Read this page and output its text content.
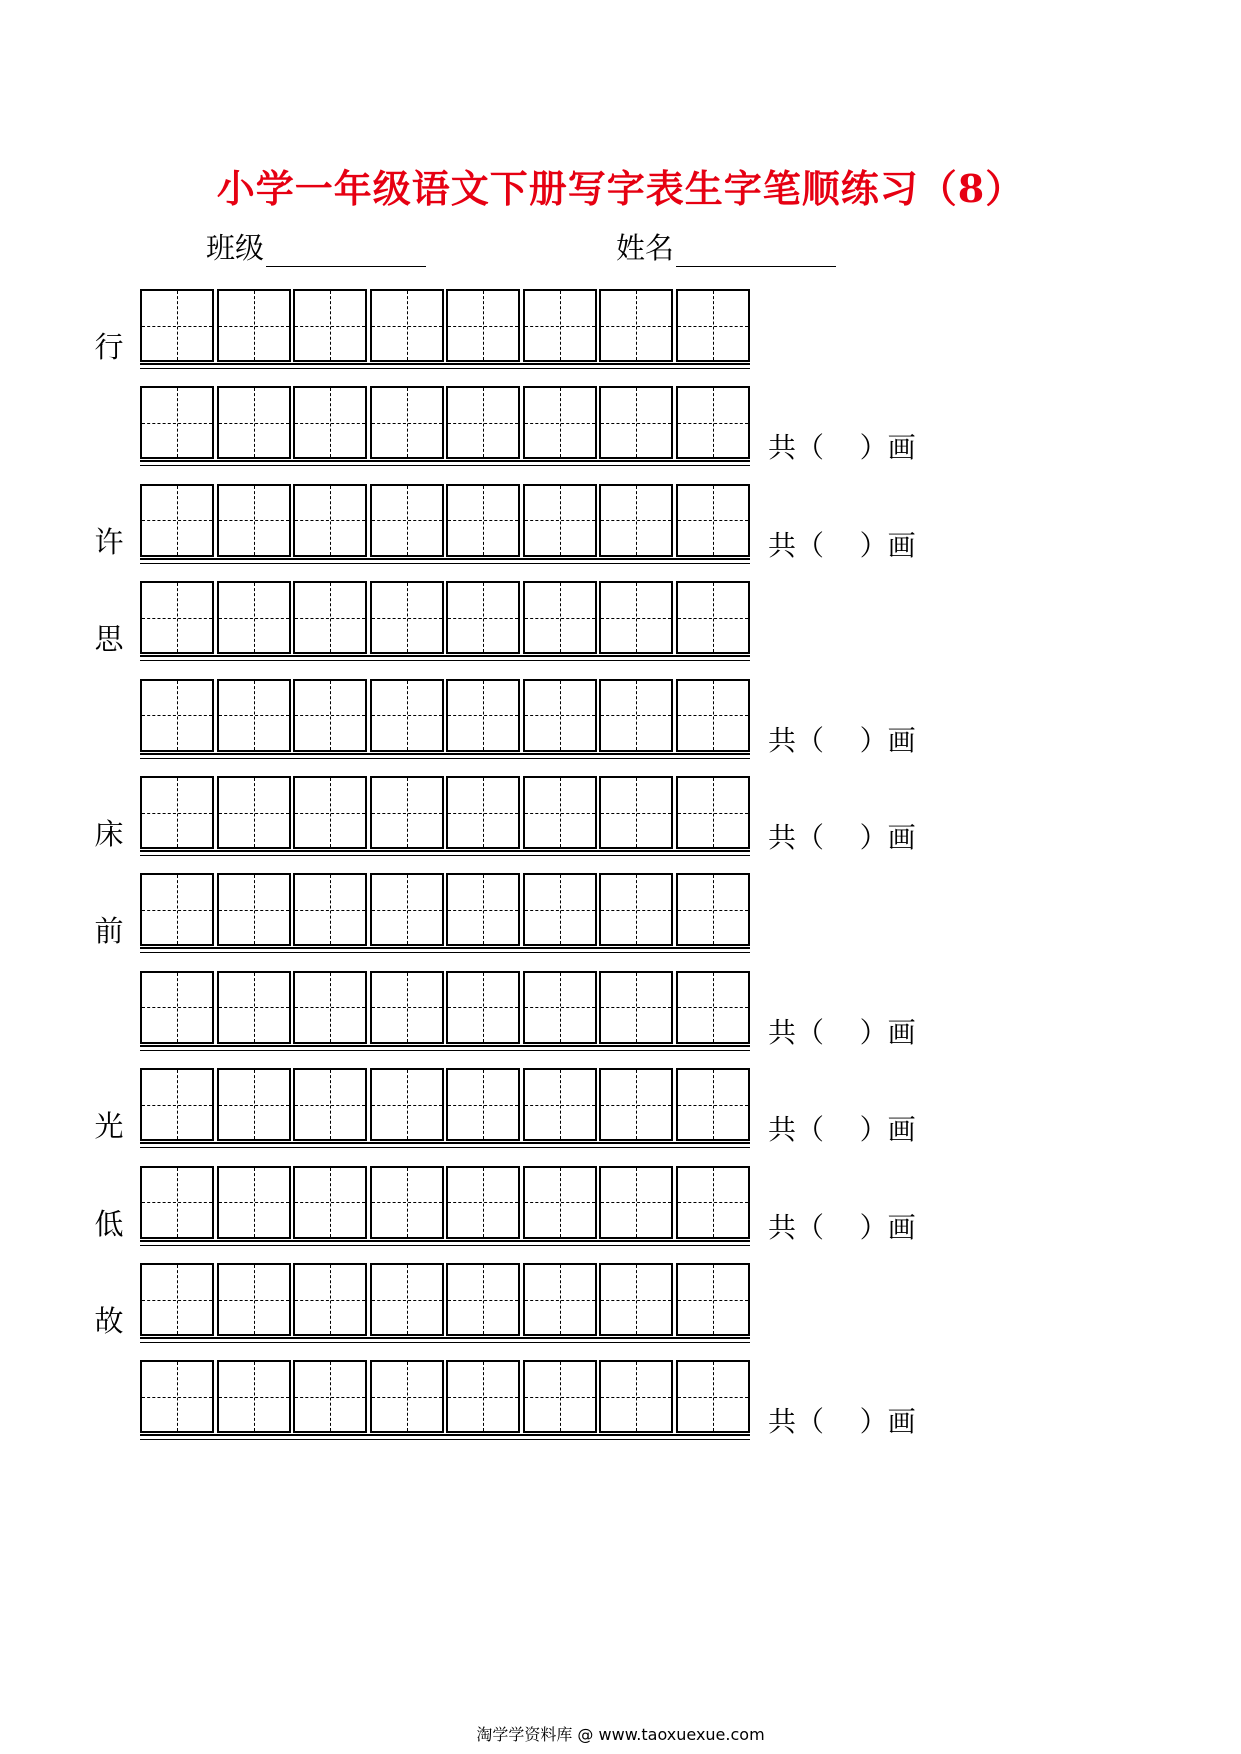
小学一年级语文下册写字表生字笔顺练习（8）
班级	姓名
行
共（    ）画
许	共（    ）画
思
共（    ）画
床	共（    ）画
前
共（    ）画
光	共（    ）画
低	共（    ）画
故
共（    ）画
淘学学资料库 @ www.taoxuexue.com
